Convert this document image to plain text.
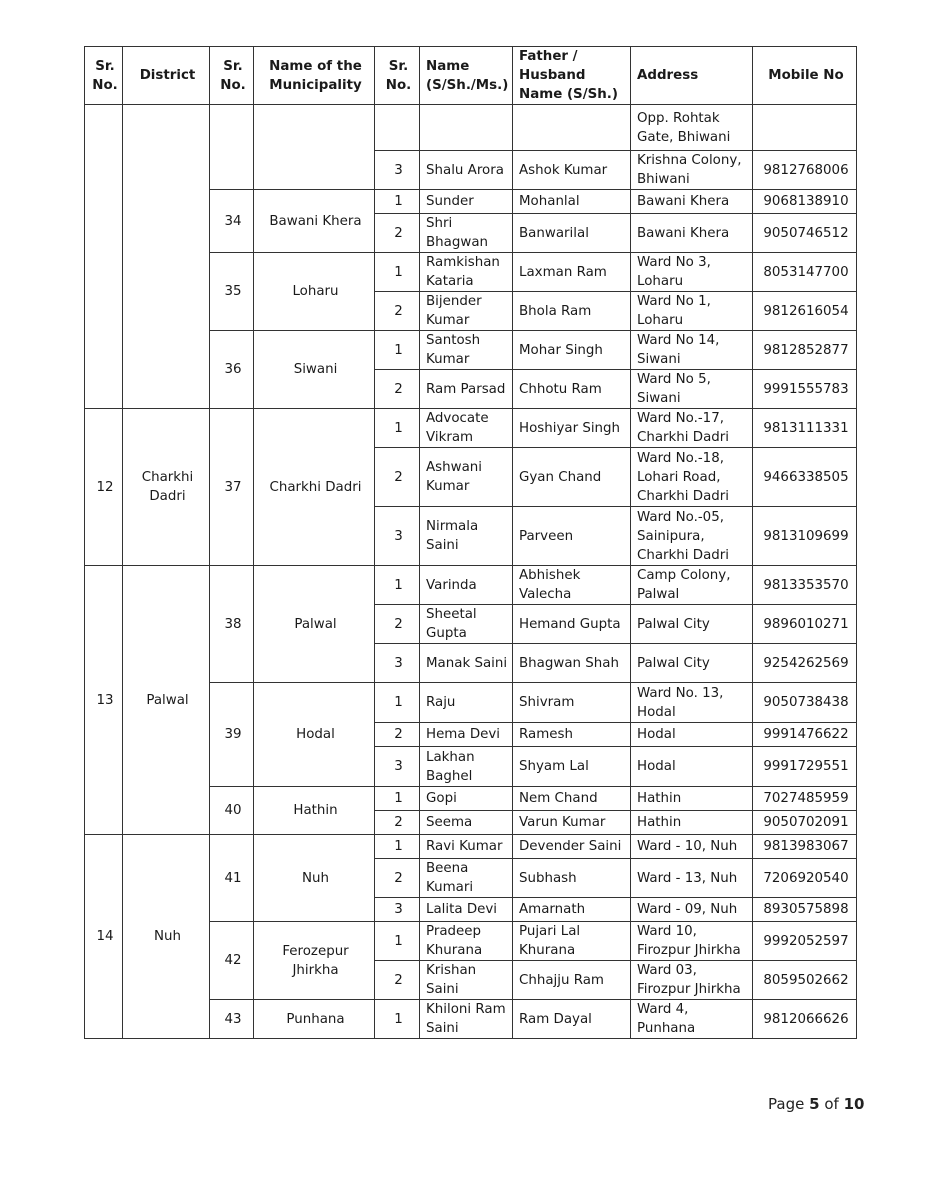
Sr. No.	District	Sr. No.	Name of the Municipality	Sr. No.	Name (S/Sh./Ms.)	Father / Husband Name (S/Sh.)	Address	Mobile No
							Opp. Rohtak Gate, Bhiwani	
				3	Shalu Arora	Ashok Kumar	Krishna Colony, Bhiwani	9812768006
		34	Bawani Khera	1	Sunder	Mohanlal	Bawani Khera	9068138910
				2	Shri Bhagwan	Banwarilal	Bawani Khera	9050746512
		35	Loharu	1	Ramkishan Kataria	Laxman Ram	Ward No 3, Loharu	8053147700
				2	Bijender Kumar	Bhola Ram	Ward No 1, Loharu	9812616054
		36	Siwani	1	Santosh Kumar	Mohar Singh	Ward No 14, Siwani	9812852877
				2	Ram Parsad	Chhotu Ram	Ward No 5, Siwani	9991555783
12	Charkhi Dadri	37	Charkhi Dadri	1	Advocate Vikram	Hoshiyar Singh	Ward No.-17, Charkhi Dadri	9813111331
				2	Ashwani Kumar	Gyan Chand	Ward No.-18, Lohari Road, Charkhi Dadri	9466338505
				3	Nirmala Saini	Parveen	Ward No.-05, Sainipura, Charkhi Dadri	9813109699
13	Palwal	38	Palwal	1	Varinda	Abhishek Valecha	Camp Colony, Palwal	9813353570
				2	Sheetal Gupta	Hemand Gupta	Palwal City	9896010271
				3	Manak Saini	Bhagwan Shah	Palwal City	9254262569
		39	Hodal	1	Raju	Shivram	Ward No. 13, Hodal	9050738438
				2	Hema Devi	Ramesh	Hodal	9991476622
				3	Lakhan Baghel	Shyam Lal	Hodal	9991729551
		40	Hathin	1	Gopi	Nem Chand	Hathin	7027485959
				2	Seema	Varun Kumar	Hathin	9050702091
14	Nuh	41	Nuh	1	Ravi Kumar	Devender Saini	Ward - 10, Nuh	9813983067
				2	Beena Kumari	Subhash	Ward - 13, Nuh	7206920540
				3	Lalita Devi	Amarnath	Ward - 09, Nuh	8930575898
		42	Ferozepur Jhirkha	1	Pradeep Khurana	Pujari Lal Khurana	Ward 10, Firozpur Jhirkha	9992052597
				2	Krishan Saini	Chhajju Ram	Ward 03, Firozpur Jhirkha	8059502662
		43	Punhana	1	Khiloni Ram Saini	Ram Dayal	Ward 4, Punhana	9812066626
Page 5 of 10
